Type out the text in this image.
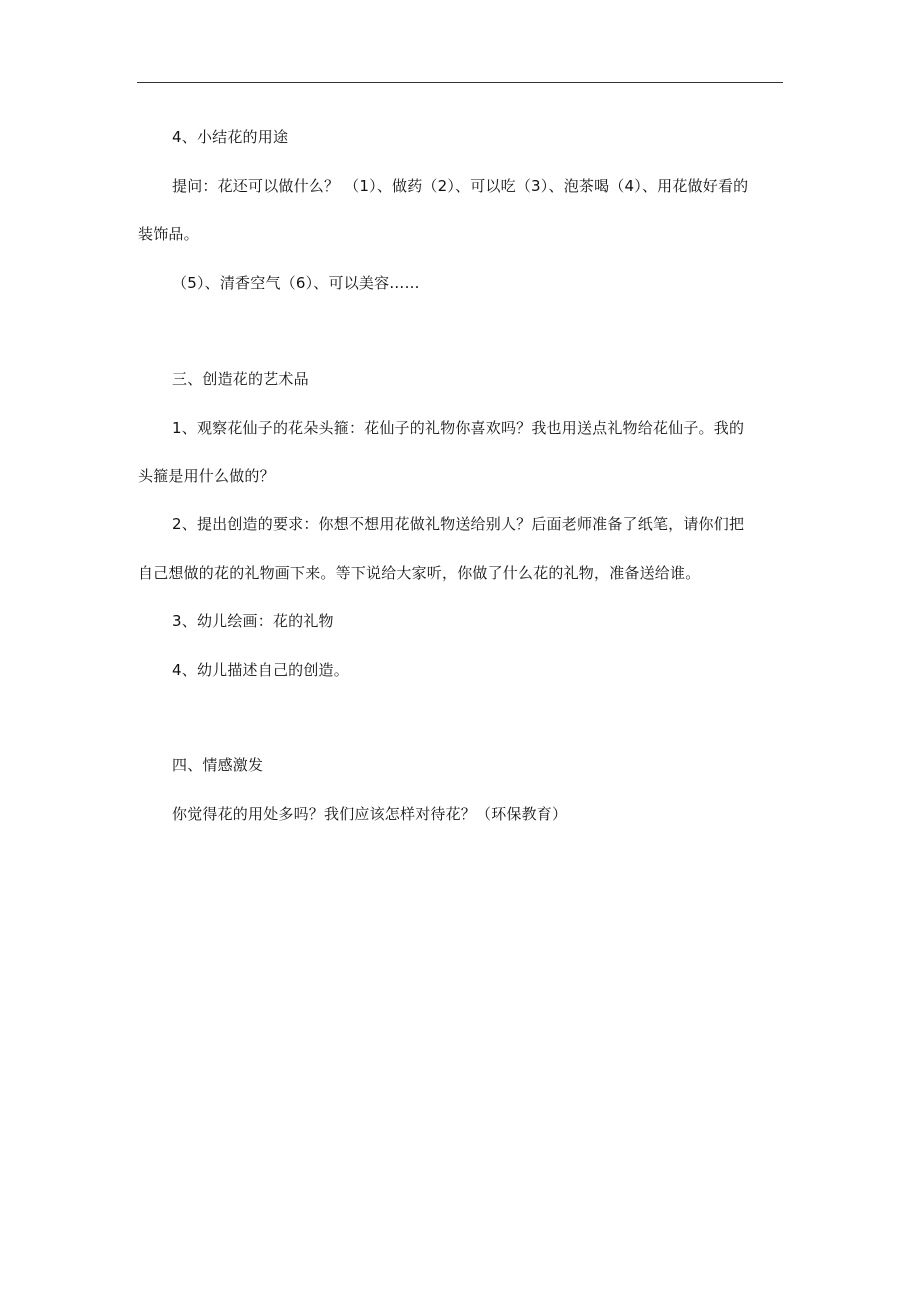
4、小结花的用途
提问：花还可以做什么？ （1）、做药（2）、可以吃（3）、泡茶喝（4）、用花做好看的
装饰品。
（5）、清香空气（6）、可以美容……
三、创造花的艺术品
1、观察花仙子的花朵头箍：花仙子的礼物你喜欢吗？我也用送点礼物给花仙子。我的
头箍是用什么做的？
2、提出创造的要求：你想不想用花做礼物送给别人？后面老师准备了纸笔，请你们把
自己想做的花的礼物画下来。等下说给大家听，你做了什么花的礼物，准备送给谁。
3、幼儿绘画：花的礼物
4、幼儿描述自己的创造。
四、情感激发
你觉得花的用处多吗？我们应该怎样对待花？（环保教育）
